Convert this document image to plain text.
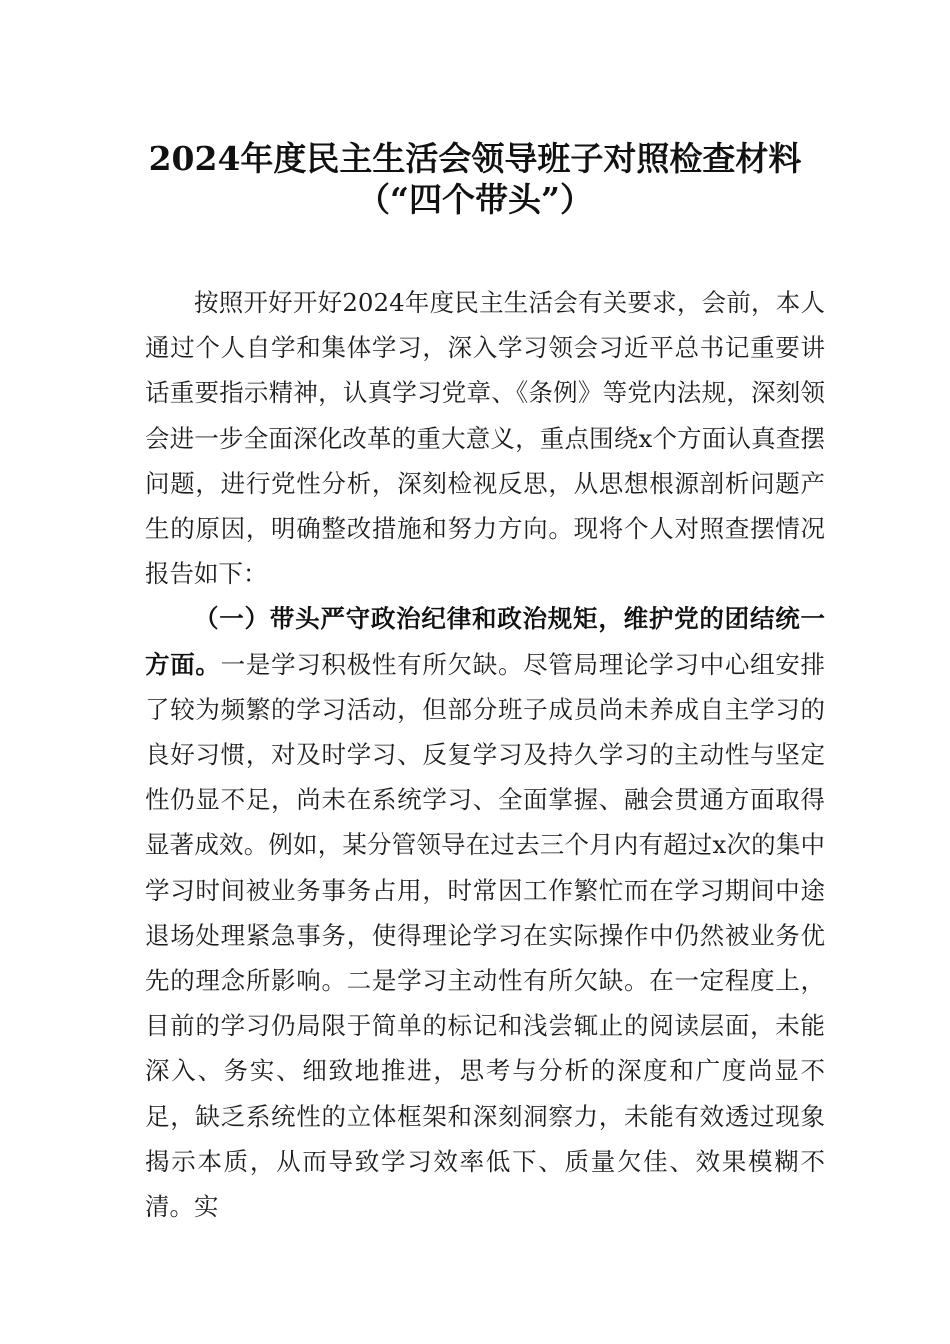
2024年度民主生活会领导班子对照检查材料
（“四个带头”）

按照开好开好2024年度民主生活会有关要求，会前，本人通过个人自学和集体学习，深入学习领会习近平总书记重要讲话重要指示精神，认真学习党章、《条例》等党内法规，深刻领会进一步全面深化改革的重大意义，重点围绕x个方面认真查摆问题，进行党性分析，深刻检视反思，从思想根源剖析问题产生的原因，明确整改措施和努力方向。现将个人对照查摆情况报告如下：

（一）带头严守政治纪律和政治规矩，维护党的团结统一方面。一是学习积极性有所欠缺。尽管局理论学习中心组安排了较为频繁的学习活动，但部分班子成员尚未养成自主学习的良好习惯，对及时学习、反复学习及持久学习的主动性与坚定性仍显不足，尚未在系统学习、全面掌握、融会贯通方面取得显著成效。例如，某分管领导在过去三个月内有超过x次的集中学习时间被业务事务占用，时常因工作繁忙而在学习期间中途退场处理紧急事务，使得理论学习在实际操作中仍然被业务优先的理念所影响。二是学习主动性有所欠缺。在一定程度上，目前的学习仍局限于简单的标记和浅尝辄止的阅读层面，未能深入、务实、细致地推进，思考与分析的深度和广度尚显不足，缺乏系统性的立体框架和深刻洞察力，未能有效透过现象揭示本质，从而导致学习效率低下、质量欠佳、效果模糊不清。实
